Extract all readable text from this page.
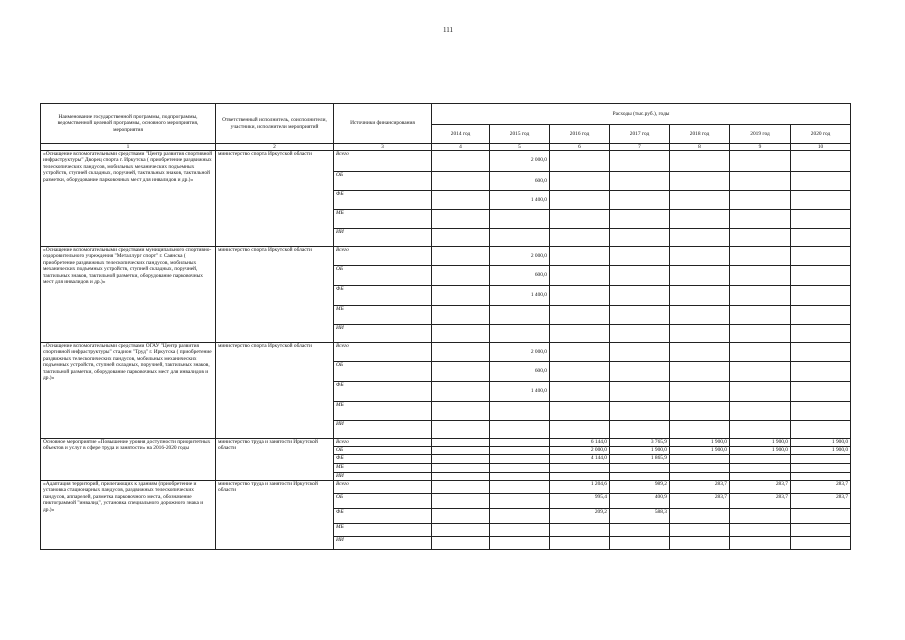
111
Наименование государственной программы, подпрограммы, ведомственной целевой программы, основного мероприятия, мероприятия	Ответственный исполнитель, соисполнители, участники, исполнители мероприятий	Источники финансирования	Расходы (тыс.руб.), годы						
			2014 год	2015 год	2016 год	2017 год	2018 год	2019 год	2020 год
1	2	3	4	5	6	7	8	9	10
«Оснащение вспомогательными средствами "Центр развития спортивной инфраструктуры" Дворец спорта г. Иркутска ( приобретение раздвижных телескопических пандусов, мобильных механических подъемных устройств, ступней складных, поручней, тактильных знаков, тактильной разметки, оборудование парковочных мест для инвалидов и др.)»	министерство спорта Иркутской области	Всего		2 000,0					
		ОБ		600,0					
		ФБ		1 400,0					
		МБ							
		ИИ							
«Оснащение вспомогательными средствами муниципального спортивно-оздоровительного учреждения "Металлург спорт" г. Саянска ( приобретение раздвижных телескопических пандусов, мобильных механических подъемных устройств, ступней складных, поручней, тактильных знаков, тактильной разметки, оборудование парковочных мест для инвалидов и др.)»	министерство спорта Иркутской области	Всего		2 000,0					
		ОБ		600,0					
		ФБ		1 400,0					
		МБ							
		ИИ							
«Оснащение вспомогательными средствами ОГАУ "Центр развития спортивной инфраструктуры" стадион "Труд" г. Иркутска ( приобретение раздвижных телескопических пандусов, мобильных механических подъемных устройств, ступней складных, поручней, тактильных знаков, тактильной разметки, оборудование парковочных мест для инвалидов и др.)»	министерство спорта Иркутской области	Всего		2 000,0					
		ОБ		600,0					
		ФБ		1 400,0					
		МБ							
		ИИ							
Основное мероприятие «Повышение уровня доступности приоритетных объектов и услуг в сфере труда и занятости» на 2016-2020 годы	министерство труда и занятости Иркутской области	Всего			6 144,0	3 765,9	1 900,0	1 900,0	1 900,0
		ОБ			2 000,0	1 900,0	1 900,0	1 900,0	1 900,0
		ФБ			4 144,0	1 865,9			
		МБ							
		ИИ							
«Адаптация территорий, прилегающих к зданиям (приобретение и установка стационарных пандусов, раздвижных телескопических пандусов, аппарелей, разметка парковочного места, обозначение пиктограммой "инвалид", установка специального дорожного знака и др.)»	министерство труда и занятости Иркутской области	Всего			1 204,6	989,2	283,7	283,7	283,7
		ОБ			995,4	400,9	283,7	283,7	283,7
		ФБ			209,2	588,3			
		МБ							
		ИИ							
